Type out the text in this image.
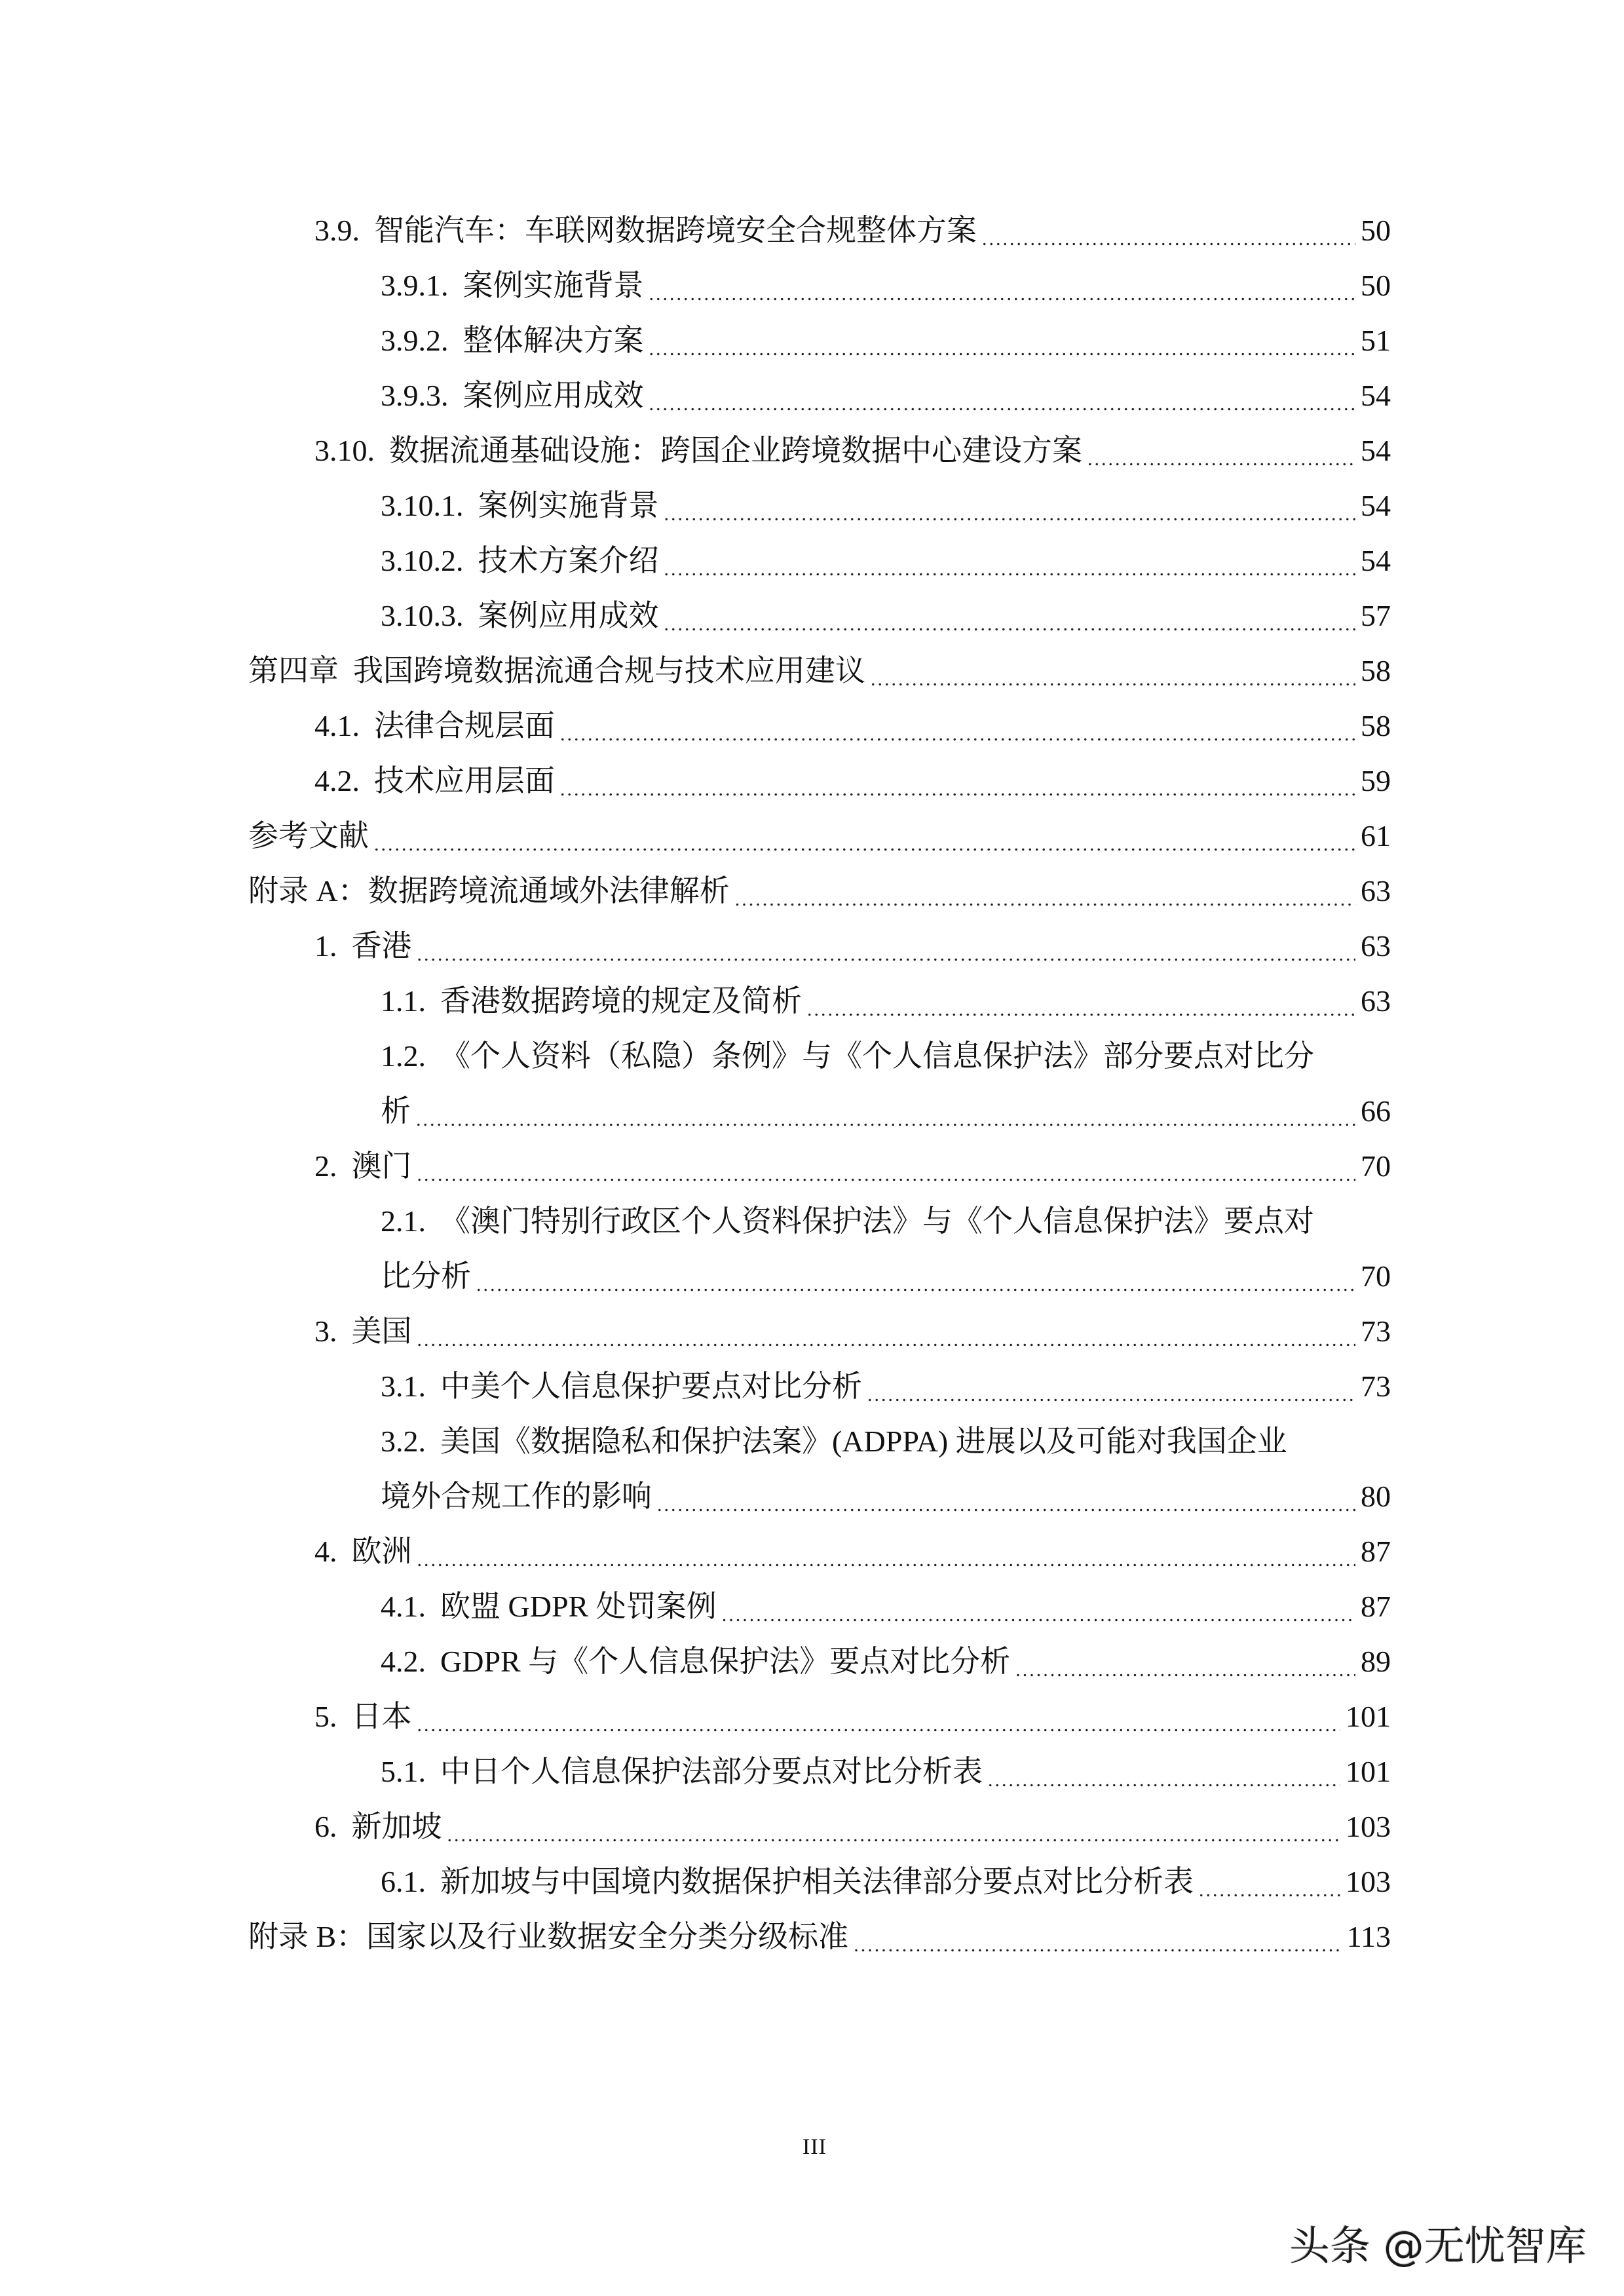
3.9. 智能汽车：车联网数据跨境安全合规整体方案 .....	50
3.9.1. 案例实施背景 .....	50
3.9.2. 整体解决方案 .....	51
3.9.3. 案例应用成效 .....	54
3.10. 数据流通基础设施：跨国企业跨境数据中心建设方案 .....	54
3.10.1. 案例实施背景 .....	54
3.10.2. 技术方案介绍 .....	54
3.10.3. 案例应用成效 .....	57
第四章 我国跨境数据流通合规与技术应用建议 .....	58
4.1. 法律合规层面 .....	58
4.2. 技术应用层面 .....	59
参考文献 .....	61
附录 A：数据跨境流通域外法律解析 .....	63
1. 香港 .....	63
1.1. 香港数据跨境的规定及简析 .....	63
1.2. 《个人资料（私隐）条例》与《个人信息保护法》部分要点对比分
析 .....	66
2. 澳门 .....	70
2.1. 《澳门特别行政区个人资料保护法》与《个人信息保护法》要点对
比分析 .....	70
3. 美国 .....	73
3.1. 中美个人信息保护要点对比分析 .....	73
3.2. 美国《数据隐私和保护法案》(ADPPA) 进展以及可能对我国企业
境外合规工作的影响 .....	80
4. 欧洲 .....	87
4.1. 欧盟 GDPR 处罚案例 .....	87
4.2. GDPR 与《个人信息保护法》要点对比分析 .....	89
5. 日本 .....	101
5.1. 中日个人信息保护法部分要点对比分析表 .....	101
6. 新加坡 .....	103
6.1. 新加坡与中国境内数据保护相关法律部分要点对比分析表 .....	103
附录 B：国家以及行业数据安全分类分级标准 .....	113
III
头条 @无忧智库
